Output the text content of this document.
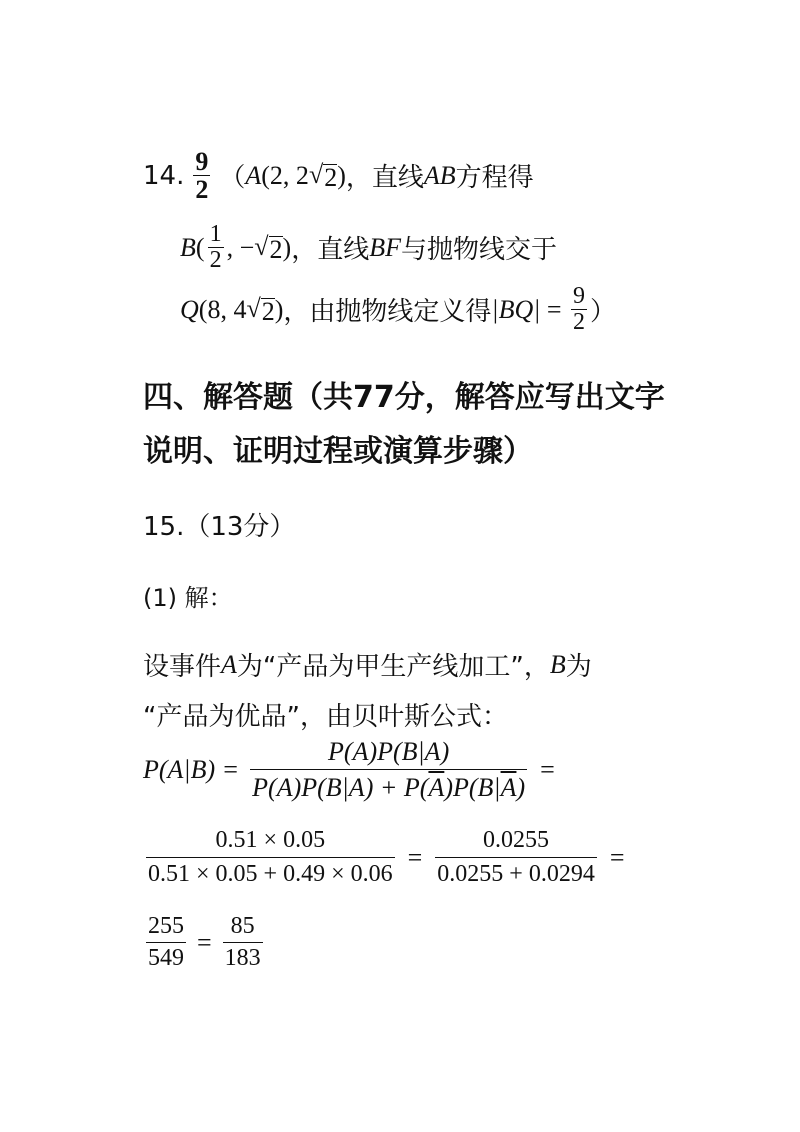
14. $\frac{9}{2}$ （ A (2, 2 √ 2 ) ，直线 AB 方程得
B ( $\frac{1}{2}$ , − √ 2 ) ，直线 BF 与抛物线交于
Q (8, 4 √ 2 ) ，由抛物线定义得 $|BQ| = \frac{9}{2}$ ）
四、解答题（共77分，解答应写出文字
说明、证明过程或演算步骤）
15.（13分）
(1) 解：
设事件 A 为“产品为甲生产线加工”， B 为
“产品为优品”，由贝叶斯公式：
$P(A|B) = \frac{P(A)P(B|A)}{P(A)P(B|A) + P(\overline{A})P(B|\overline{A})}$ =
$\frac{0.51 \times 0.05}{0.51 \times 0.05 + 0.49 \times 0.06} = \frac{0.0255}{0.0255 + 0.0294}$ =
$\frac{255}{549} = \frac{85}{183}$
